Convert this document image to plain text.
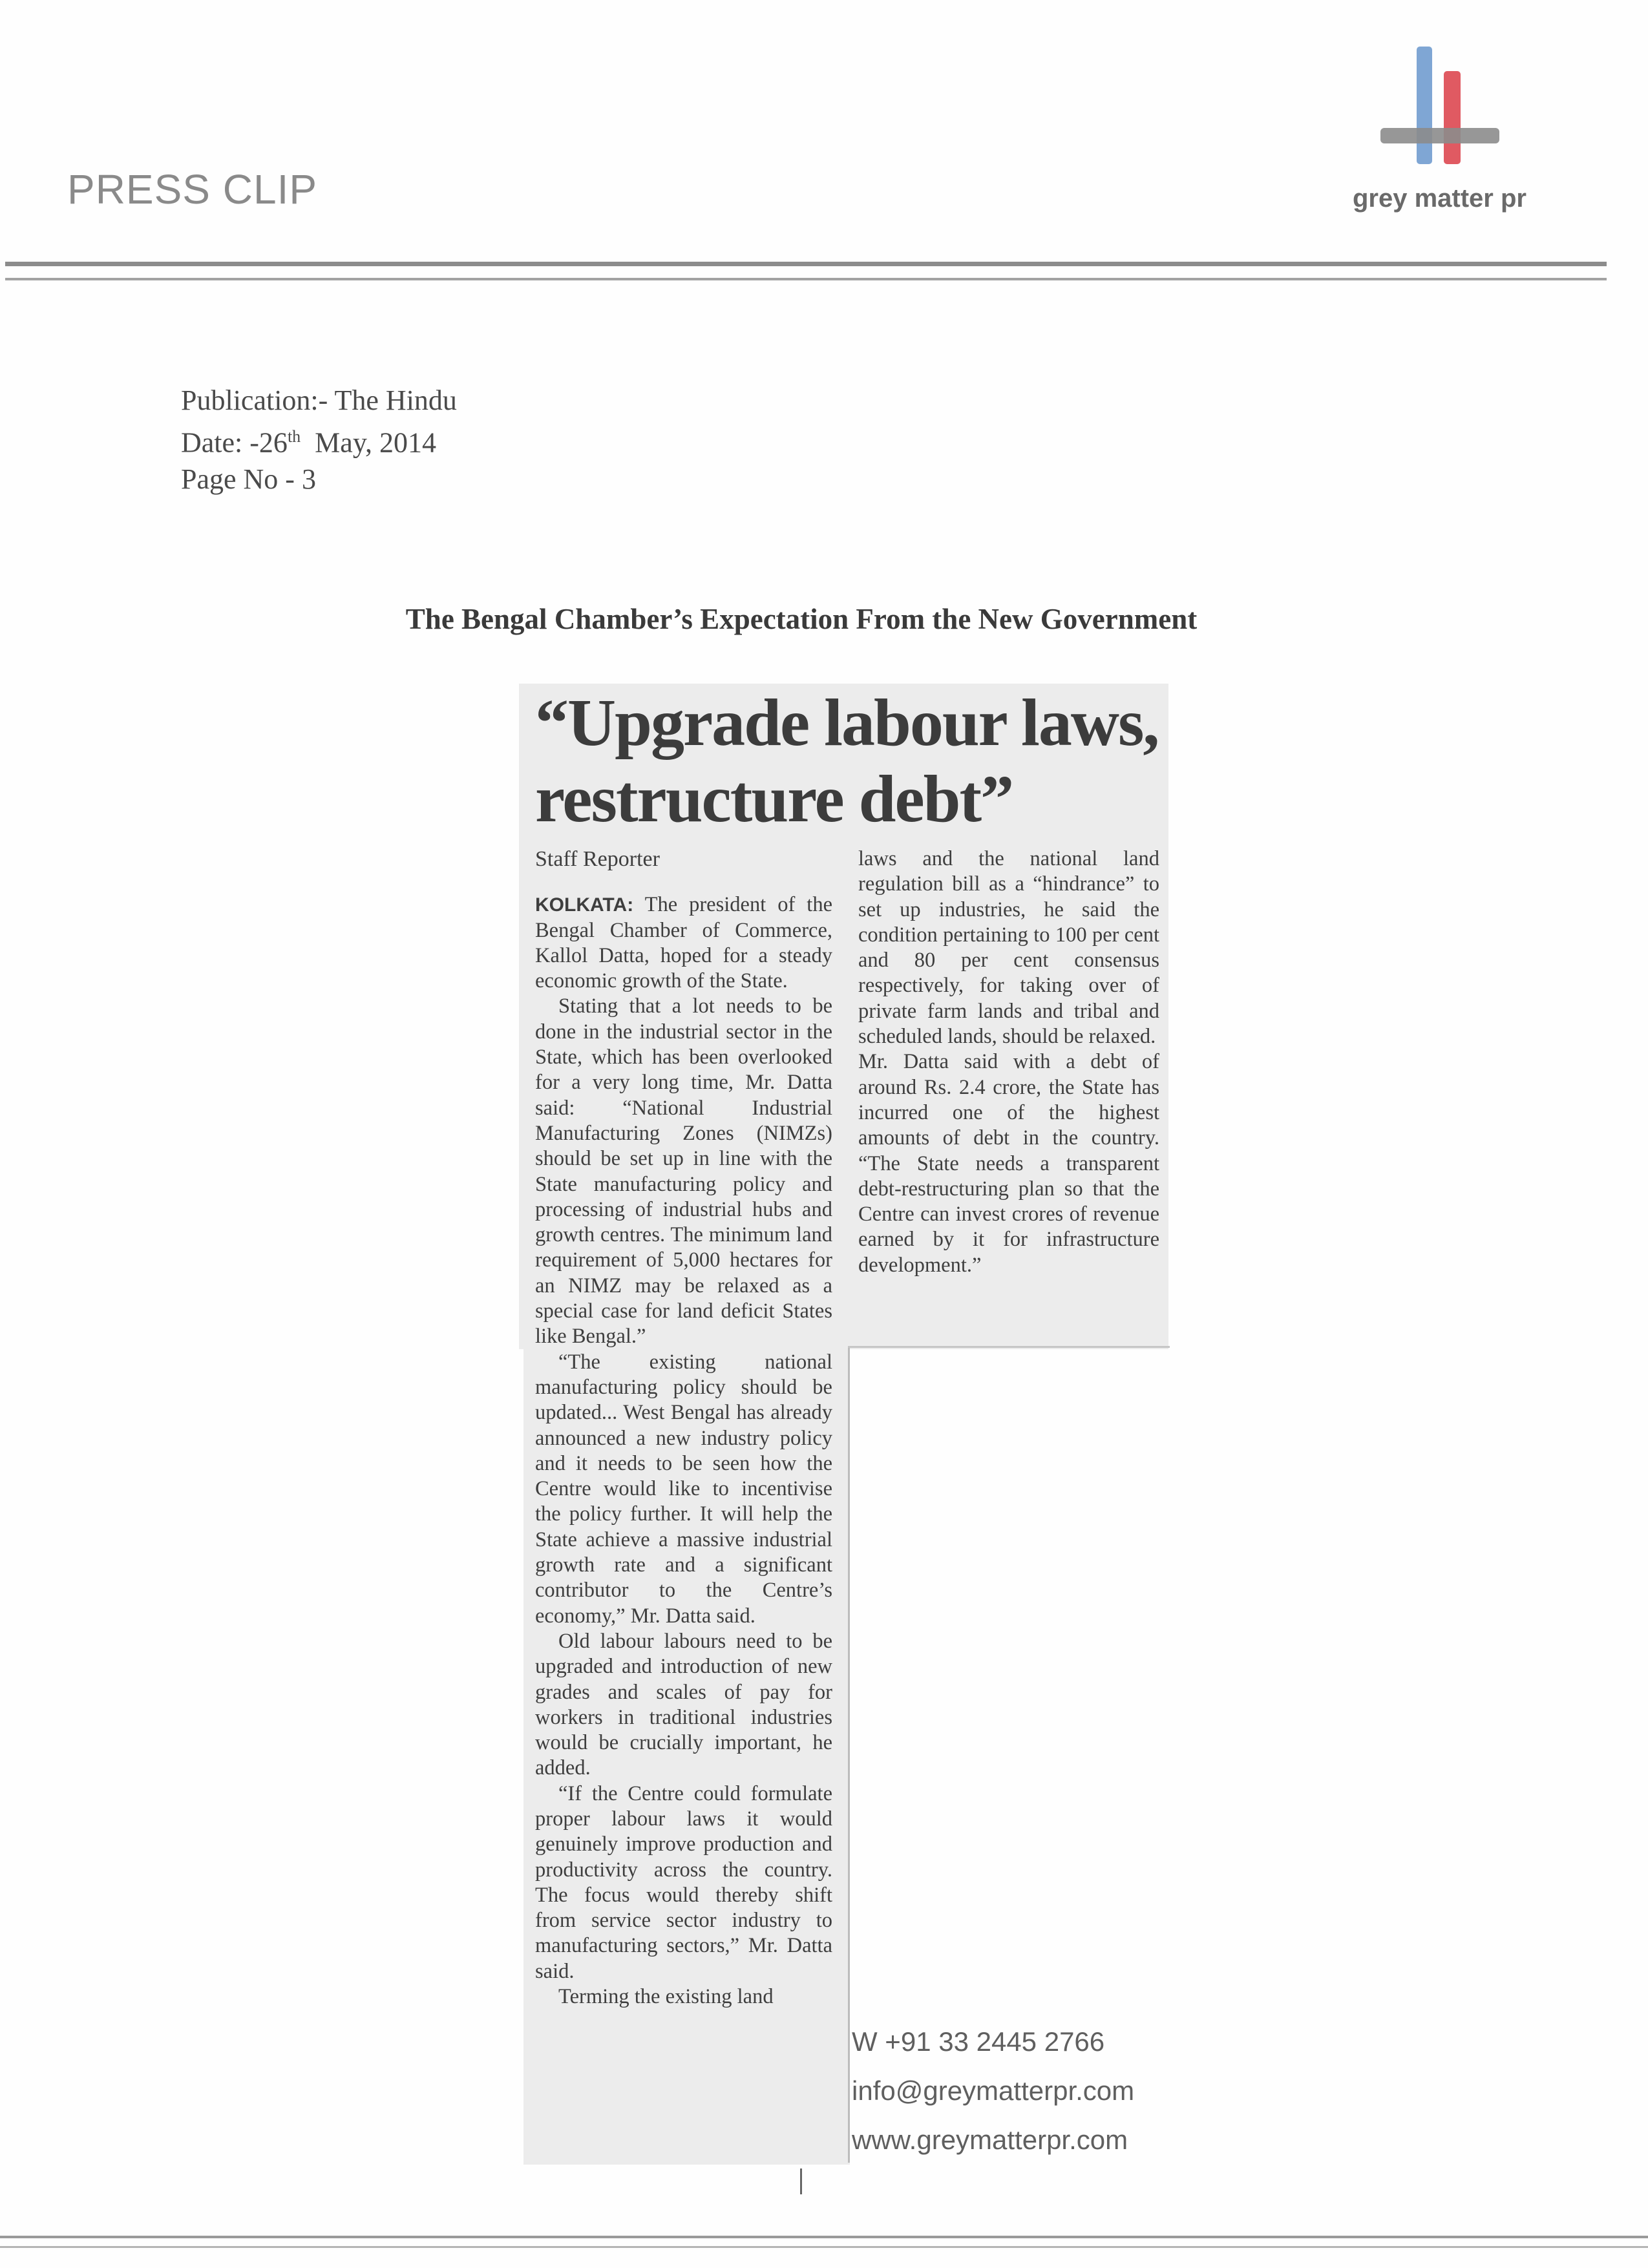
PRESS CLIP	grey matter pr
Publication:- The Hindu
Date: -26th  May, 2014
Page No - 3
The Bengal Chamber’s Expectation From the New Government
“Upgrade labour laws,
restructure debt”

Staff Reporter

KOLKATA: The president of the Bengal Chamber of Commerce, Kallol Datta, hoped for a steady economic growth of the State.

Stating that a lot needs to be done in the industrial sector in the State, which has been overlooked for a very long time, Mr. Datta said: “National Industrial Manufacturing Zones (NIMZs) should be set up in line with the State manufacturing policy and processing of industrial hubs and growth centres. The minimum land requirement of 5,000 hectares for an NIMZ may be relaxed as a special case for land deficit States like Bengal.”

“The existing national manufacturing policy should be updated... West Bengal has already announced a new industry policy and it needs to be seen how the Centre would like to incentivise the policy further. It will help the State achieve a massive industrial growth rate and a significant contributor to the Centre’s economy,” Mr. Datta said.

Old labour labours need to be upgraded and introduction of new grades and scales of pay for workers in traditional industries would be crucially important, he added.

“If the Centre could formulate proper labour laws it would genuinely improve production and productivity across the country. The focus would thereby shift from service sector industry to manufacturing sectors,” Mr. Datta said.

Terming the existing land

laws and the national land regulation bill as a “hindrance” to set up industries, he said the condition pertaining to 100 per cent and 80 per cent consensus respectively, for taking over of private farm lands and tribal and scheduled lands, should be relaxed.

Mr. Datta said with a debt of around Rs. 2.4 crore, the State has incurred one of the highest amounts of debt in the country. “The State needs a transparent debt-restructuring plan so that the Centre can invest crores of revenue earned by it for infrastructure development.”

W +91 33 2445 2766
info@greymatterpr.com
www.greymatterpr.com
